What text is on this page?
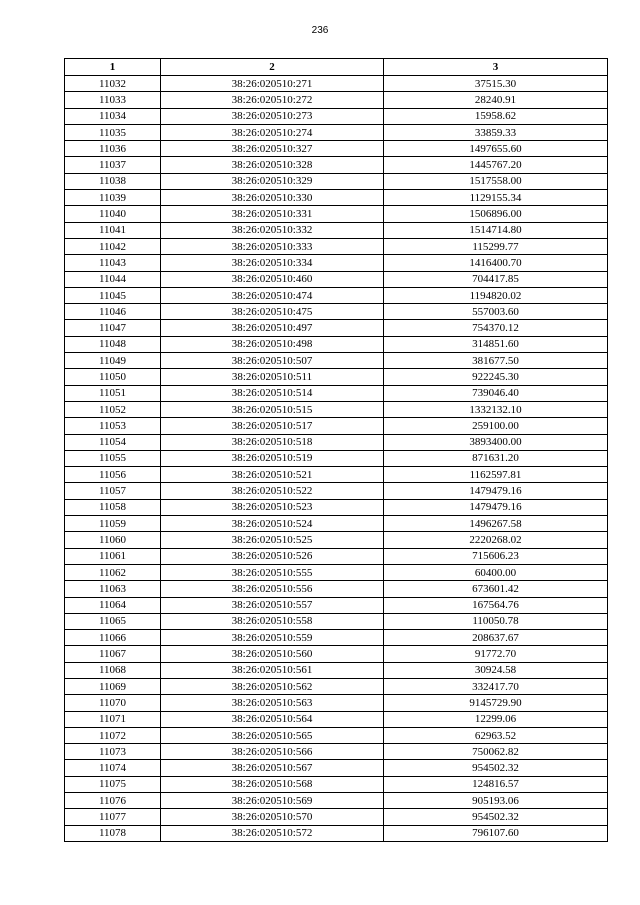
236
1	2	3
11032	38:26:020510:271	37515.30
11033	38:26:020510:272	28240.91
11034	38:26:020510:273	15958.62
11035	38:26:020510:274	33859.33
11036	38:26:020510:327	1497655.60
11037	38:26:020510:328	1445767.20
11038	38:26:020510:329	1517558.00
11039	38:26:020510:330	1129155.34
11040	38:26:020510:331	1506896.00
11041	38:26:020510:332	1514714.80
11042	38:26:020510:333	115299.77
11043	38:26:020510:334	1416400.70
11044	38:26:020510:460	704417.85
11045	38:26:020510:474	1194820.02
11046	38:26:020510:475	557003.60
11047	38:26:020510:497	754370.12
11048	38:26:020510:498	314851.60
11049	38:26:020510:507	381677.50
11050	38:26:020510:511	922245.30
11051	38:26:020510:514	739046.40
11052	38:26:020510:515	1332132.10
11053	38:26:020510:517	259100.00
11054	38:26:020510:518	3893400.00
11055	38:26:020510:519	871631.20
11056	38:26:020510:521	1162597.81
11057	38:26:020510:522	1479479.16
11058	38:26:020510:523	1479479.16
11059	38:26:020510:524	1496267.58
11060	38:26:020510:525	2220268.02
11061	38:26:020510:526	715606.23
11062	38:26:020510:555	60400.00
11063	38:26:020510:556	673601.42
11064	38:26:020510:557	167564.76
11065	38:26:020510:558	110050.78
11066	38:26:020510:559	208637.67
11067	38:26:020510:560	91772.70
11068	38:26:020510:561	30924.58
11069	38:26:020510:562	332417.70
11070	38:26:020510:563	9145729.90
11071	38:26:020510:564	12299.06
11072	38:26:020510:565	62963.52
11073	38:26:020510:566	750062.82
11074	38:26:020510:567	954502.32
11075	38:26:020510:568	124816.57
11076	38:26:020510:569	905193.06
11077	38:26:020510:570	954502.32
11078	38:26:020510:572	796107.60
